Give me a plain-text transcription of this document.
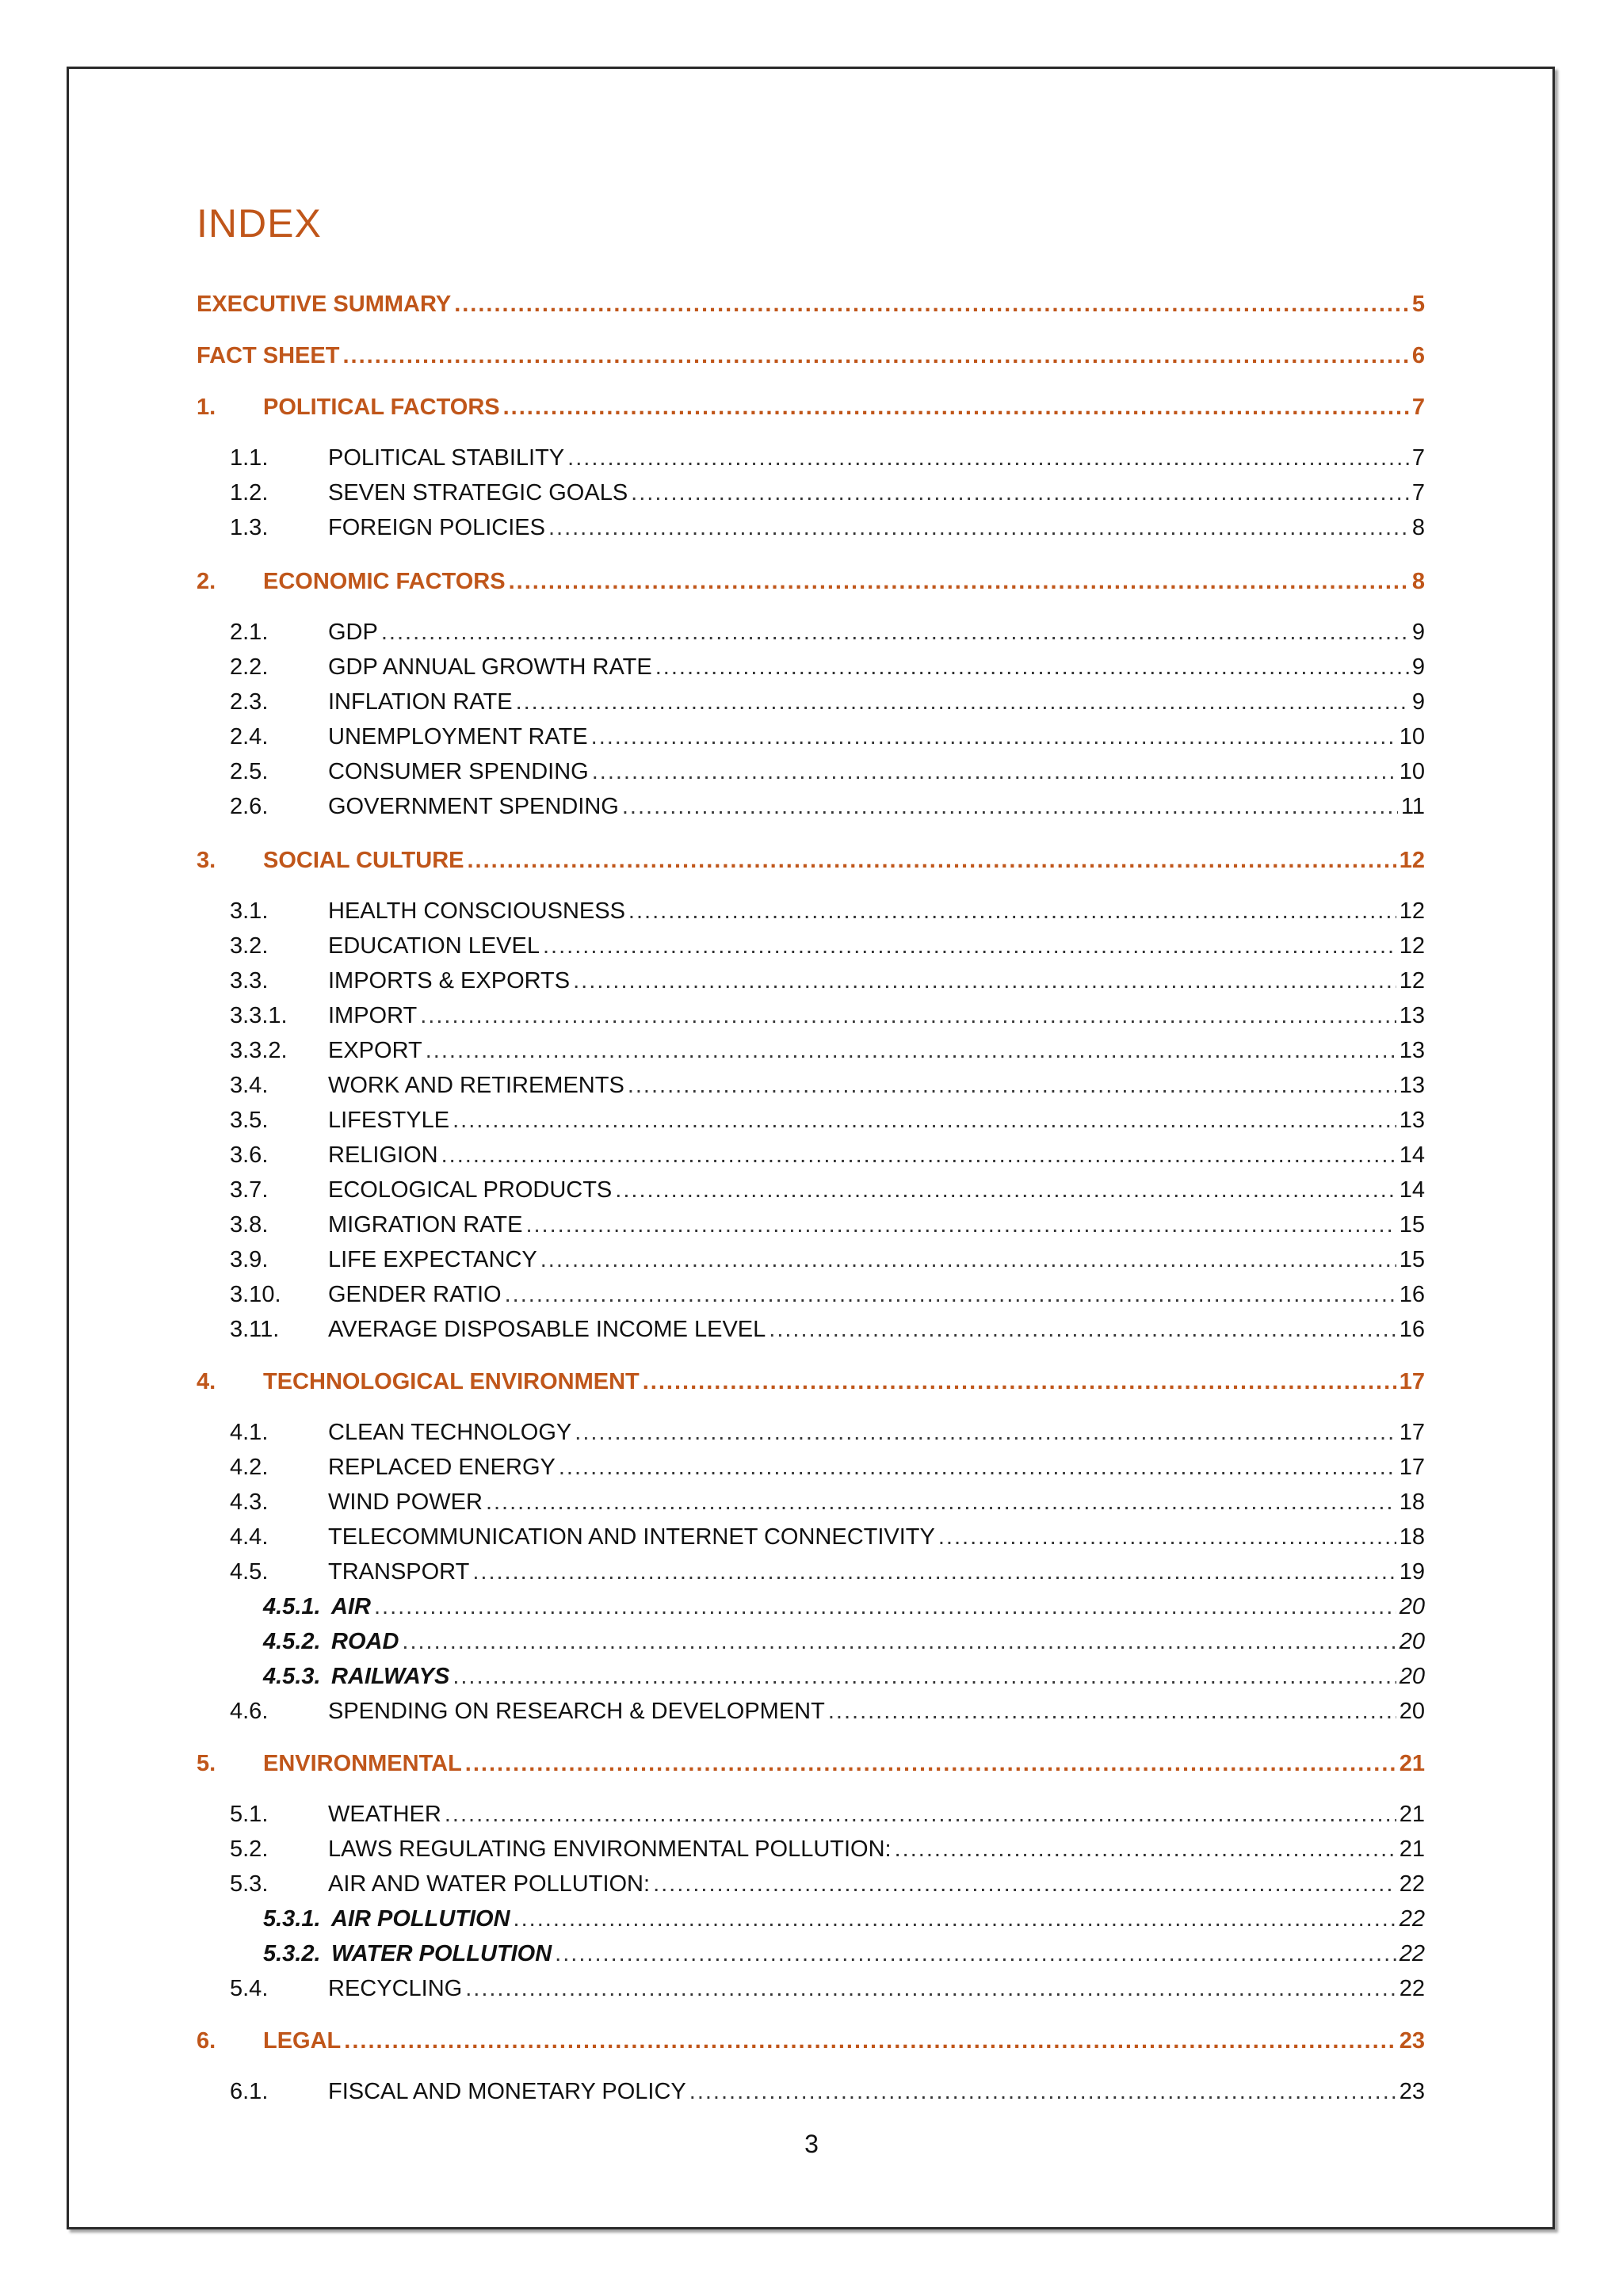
INDEX
EXECUTIVE SUMMARY .....	5
FACT SHEET .....	6
1.	POLITICAL FACTORS .....	7
1.1.	POLITICAL STABILITY .....	7
1.2.	SEVEN STRATEGIC GOALS .....	7
1.3.	FOREIGN POLICIES .....	8
2.	ECONOMIC FACTORS .....	8
2.1.	GDP .....	9
2.2.	GDP ANNUAL GROWTH RATE .....	9
2.3.	INFLATION RATE .....	9
2.4.	UNEMPLOYMENT RATE .....	10
2.5.	CONSUMER SPENDING .....	10
2.6.	GOVERNMENT SPENDING .....	11
3.	SOCIAL CULTURE .....	12
3.1.	HEALTH CONSCIOUSNESS .....	12
3.2.	EDUCATION LEVEL .....	12
3.3.	IMPORTS & EXPORTS .....	12
3.3.1.	IMPORT .....	13
3.3.2.	EXPORT .....	13
3.4.	WORK AND RETIREMENTS .....	13
3.5.	LIFESTYLE .....	13
3.6.	RELIGION .....	14
3.7.	ECOLOGICAL PRODUCTS .....	14
3.8.	MIGRATION RATE .....	15
3.9.	LIFE EXPECTANCY .....	15
3.10.	GENDER RATIO .....	16
3.11.	AVERAGE DISPOSABLE INCOME LEVEL .....	16
4.	TECHNOLOGICAL ENVIRONMENT .....	17
4.1.	CLEAN TECHNOLOGY .....	17
4.2.	REPLACED ENERGY .....	17
4.3.	WIND POWER .....	18
4.4.	TELECOMMUNICATION AND INTERNET CONNECTIVITY .....	18
4.5.	TRANSPORT .....	19
4.5.1. AIR .....	20
4.5.2. ROAD .....	20
4.5.3. RAILWAYS .....	20
4.6.	SPENDING ON RESEARCH & DEVELOPMENT .....	20
5.	ENVIRONMENTAL .....	21
5.1.	WEATHER .....	21
5.2.	LAWS REGULATING ENVIRONMENTAL POLLUTION: .....	21
5.3.	AIR AND WATER POLLUTION: .....	22
5.3.1. AIR POLLUTION .....	22
5.3.2. WATER POLLUTION .....	22
5.4.	RECYCLING .....	22
6.	LEGAL .....	23
6.1.	FISCAL AND MONETARY POLICY .....	23
3
